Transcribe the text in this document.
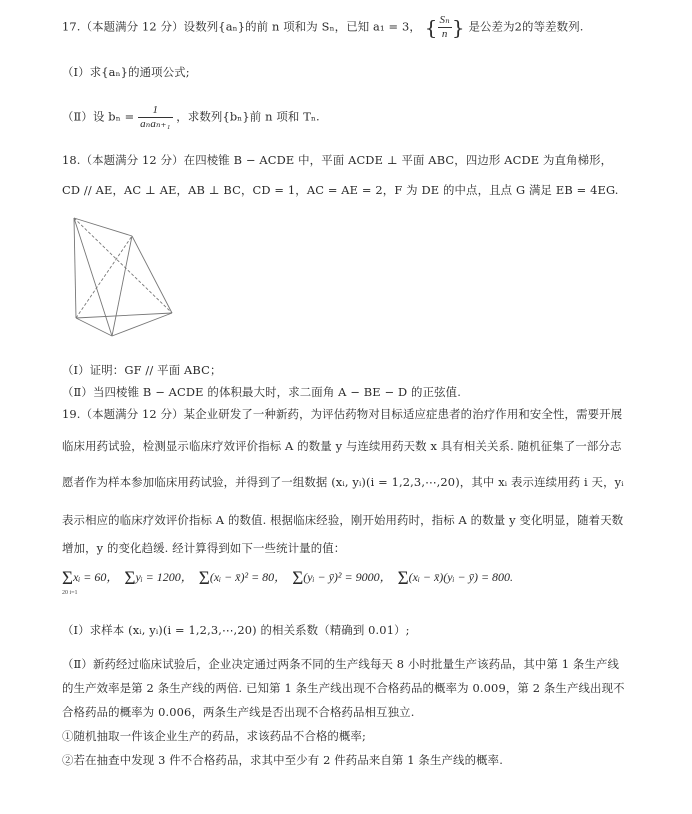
17.（本题满分 12 分）设数列{aₙ}的前 n 项和为 Sₙ，已知 a₁ = 3， { $\frac{\text{Sₙ}}{n}$ } 是公差为2的等差数列.
（Ⅰ）求{aₙ}的通项公式;
（Ⅱ）设 $b_n = \frac{1}{\text{aₙaₙ₊₁}}$ ，求数列{bₙ}前 n 项和 Tₙ.
18.（本题满分 12 分）在四棱锥 B − ACDE 中，平面 ACDE ⊥ 平面 ABC，四边形 ACDE 为直角梯形，
CD // AE，AC ⊥ AE，AB ⊥ BC，CD = 1，AC = AE = 2，F 为 DE 的中点，且点 G 满足 EB = 4EG.
（Ⅰ）证明：GF // 平面 ABC；
（Ⅱ）当四棱锥 B − ACDE 的体积最大时，求二面角 A − BE − D 的正弦值.
19.（本题满分 12 分）某企业研发了一种新药，为评估药物对目标适应症患者的治疗作用和安全性，需要开展
临床用药试验，检测显示临床疗效评价指标 A 的数量 y 与连续用药天数 x 具有相关关系. 随机征集了一部分志
愿者作为样本参加临床用药试验，并得到了一组数据 (xᵢ, yᵢ)(i = 1,2,3,⋯,20)，其中 xᵢ 表示连续用药 i 天，yᵢ
表示相应的临床疗效评价指标 A 的数值. 根据临床经验，刚开始用药时，指标 A 的数量 y 变化明显，随着天数
增加，y 的变化趋缓. 经计算得到如下一些统计量的值：
Σxᵢ = 60， Σyᵢ = 1200， Σ(xᵢ − x̄)² = 80， Σ(yᵢ − ȳ)² = 9000， Σ(xᵢ − x̄)(yᵢ − ȳ) = 800.
20 i=1
（Ⅰ）求样本 (xᵢ, yᵢ)(i = 1,2,3,⋯,20) 的相关系数（精确到 0.01）;
（Ⅱ）新药经过临床试验后，企业决定通过两条不同的生产线每天 8 小时批量生产该药品，其中第 1 条生产线
的生产效率是第 2 条生产线的两倍. 已知第 1 条生产线出现不合格药品的概率为 0.009，第 2 条生产线出现不
合格药品的概率为 0.006，两条生产线是否出现不合格药品相互独立.
①随机抽取一件该企业生产的药品，求该药品不合格的概率;
②若在抽查中发现 3 件不合格药品，求其中至少有 2 件药品来自第 1 条生产线的概率.
